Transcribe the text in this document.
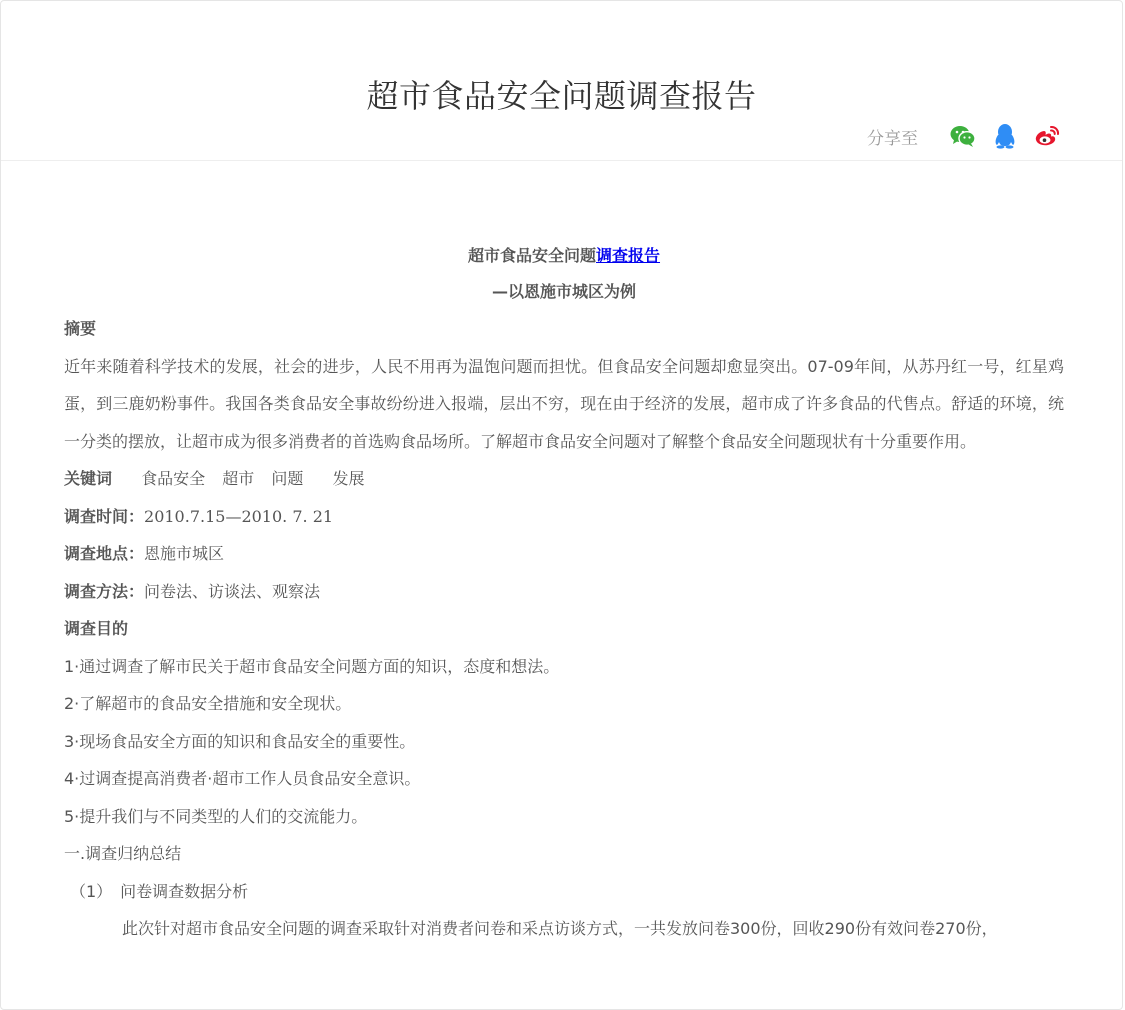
超市食品安全问题调查报告
分享至
超市食品安全问题调查报告
—以恩施市城区为例
摘要
近年来随着科学技术的发展，社会的进步，人民不用再为温饱问题而担忧。但食品安全问题却愈显突出。07-09年间，从苏丹红一号，红星鸡蛋，到三鹿奶粉事件。我国各类食品安全事故纷纷进入报端，层出不穷，现在由于经济的发展，超市成了许多食品的代售点。舒适的环境，统一分类的摆放，让超市成为很多消费者的首选购食品场所。了解超市食品安全问题对了解整个食品安全问题现状有十分重要作用。
关键词 食品安全 超市 问题 发展
调查时间：2010.7.15—2010. 7. 21
调查地点：恩施市城区
调查方法：问卷法、访谈法、观察法
调查目的
1·通过调查了解市民关于超市食品安全问题方面的知识，态度和想法。
2·了解超市的食品安全措施和安全现状。
3·现场食品安全方面的知识和食品安全的重要性。
4·过调查提高消费者·超市工作人员食品安全意识。
5·提升我们与不同类型的人们的交流能力。
一.调查归纳总结
（1）　问卷调查数据分析
此次针对超市食品安全问题的调查采取针对消费者问卷和采点访谈方式，一共发放问卷300份，回收290份有效问卷270份，
